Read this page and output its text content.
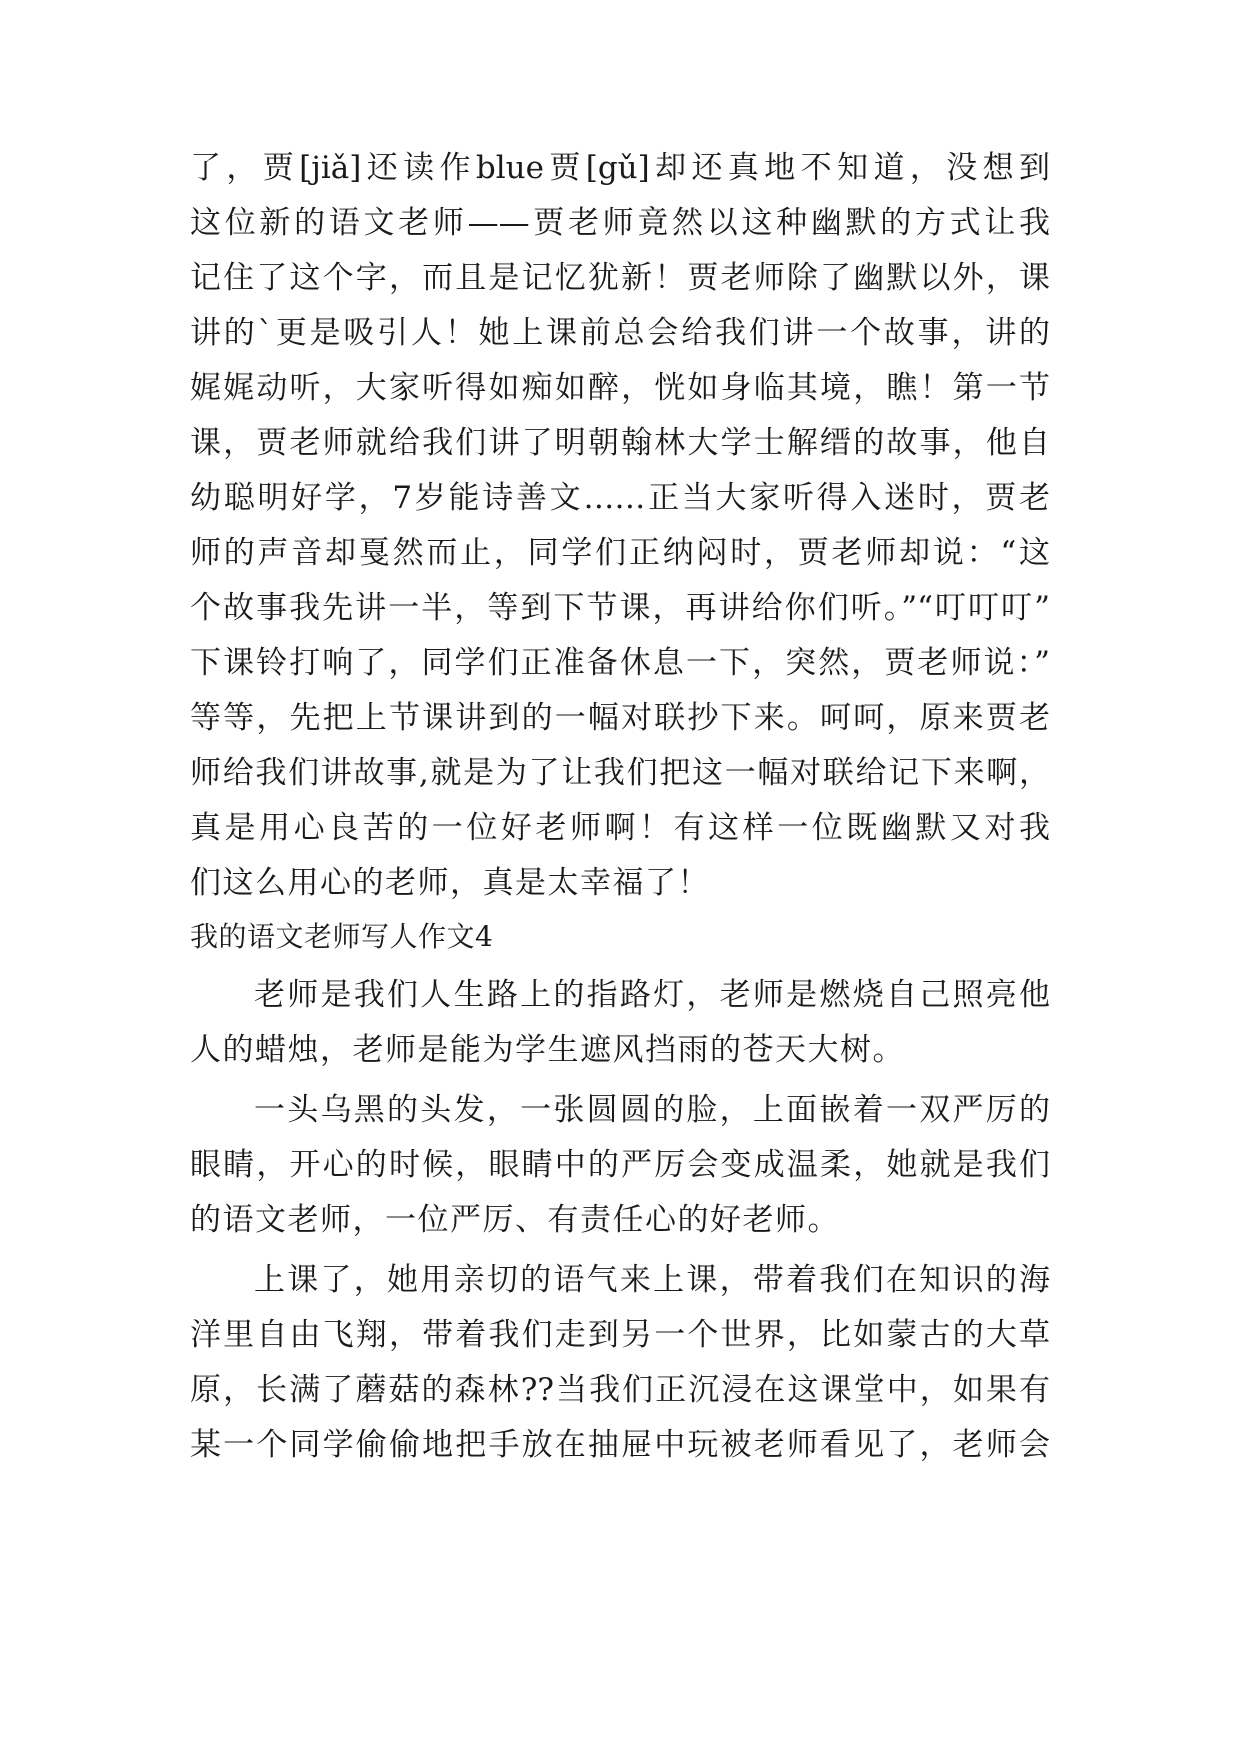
了，贾[jiǎ]还读作blue贾[gǔ]却还真地不知道，没想到
这位新的语文老师——贾老师竟然以这种幽默的方式让我
记住了这个字，而且是记忆犹新！贾老师除了幽默以外，课
讲的`更是吸引人！她上课前总会给我们讲一个故事，讲的
娓娓动听，大家听得如痴如醉，恍如身临其境，瞧！第一节
课，贾老师就给我们讲了明朝翰林大学士解缙的故事，他自
幼聪明好学，7岁能诗善文……正当大家听得入迷时，贾老
师的声音却戛然而止，同学们正纳闷时，贾老师却说：“这
个故事我先讲一半，等到下节课，再讲给你们听。”“叮叮叮”
下课铃打响了，同学们正准备休息一下，突然，贾老师说：”
等等，先把上节课讲到的一幅对联抄下来。呵呵，原来贾老
师给我们讲故事,就是为了让我们把这一幅对联给记下来啊，
真是用心良苦的一位好老师啊！有这样一位既幽默又对我
们这么用心的老师，真是太幸福了！
我的语文老师写人作文4
老师是我们人生路上的指路灯，老师是燃烧自己照亮他
人的蜡烛，老师是能为学生遮风挡雨的苍天大树。
一头乌黑的头发，一张圆圆的脸，上面嵌着一双严厉的
眼睛，开心的时候，眼睛中的严厉会变成温柔，她就是我们
的语文老师，一位严厉、有责任心的好老师。
上课了，她用亲切的语气来上课，带着我们在知识的海
洋里自由飞翔，带着我们走到另一个世界，比如蒙古的大草
原，长满了蘑菇的森林??当我们正沉浸在这课堂中，如果有
某一个同学偷偷地把手放在抽屉中玩被老师看见了，老师会
